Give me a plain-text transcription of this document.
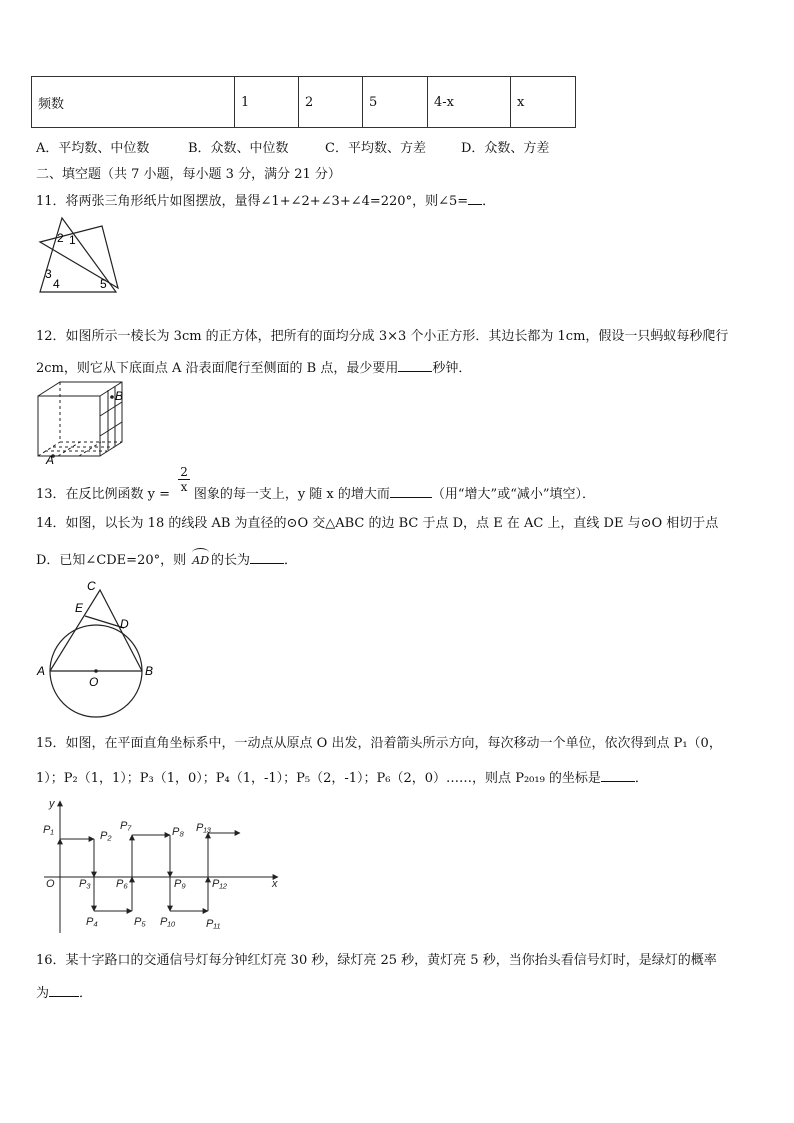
频数	1	2	5	4-x	x
A．平均数、中位数	B．众数、中位数	C．平均数、方差	D．众数、方差
二、填空题（共 7 小题，每小题 3 分，满分 21 分）
11．将两张三角形纸片如图摆放，量得∠1+∠2+∠3+∠4=220°，则∠5= ．
2 1
3
4	5
12．如图所示一棱长为 3cm 的正方体，把所有的面均分成 3×3 个小正方形．其边长都为 1cm，假设一只蚂蚁每秒爬行
2cm，则它从下底面点 A 沿表面爬行至侧面的 B 点，最少要用	秒钟．
B
A
13．在反比例函数 y =
$\frac{2}{x}$
图象的每一支上，y 随 x 的增大而	（用“增大”或“减小”填空）．
14．如图，以长为 18 的线段 AB 为直径的⊙O 交△ABC 的边 BC 于点 D，点 E 在 AC 上，直线 DE 与⊙O 相切于点
D．已知∠CDE=20°，则 AD 的长为	．
C
E
D
A
O
B
15．如图，在平面直角坐标系中，一动点从原点 O 出发，沿着箭头所示方向，每次移动一个单位，依次得到点 P₁（0，
1）；P₂（1，1）；P₃（1，0）；P₄（1，-1）；P₅（2，-1）；P₆（2，0）……，则点 P₂₀₁₉ 的坐标是	．
y
x
O
P₁	P₂
P₃
P₄	P₅
P₆
P₇	P₈
P₉
P₁₀	P₁₁
P₁₂
P₁₃
16．某十字路口的交通信号灯每分钟红灯亮 30 秒，绿灯亮 25 秒，黄灯亮 5 秒，当你抬头看信号灯时，是绿灯的概率
为 ．
